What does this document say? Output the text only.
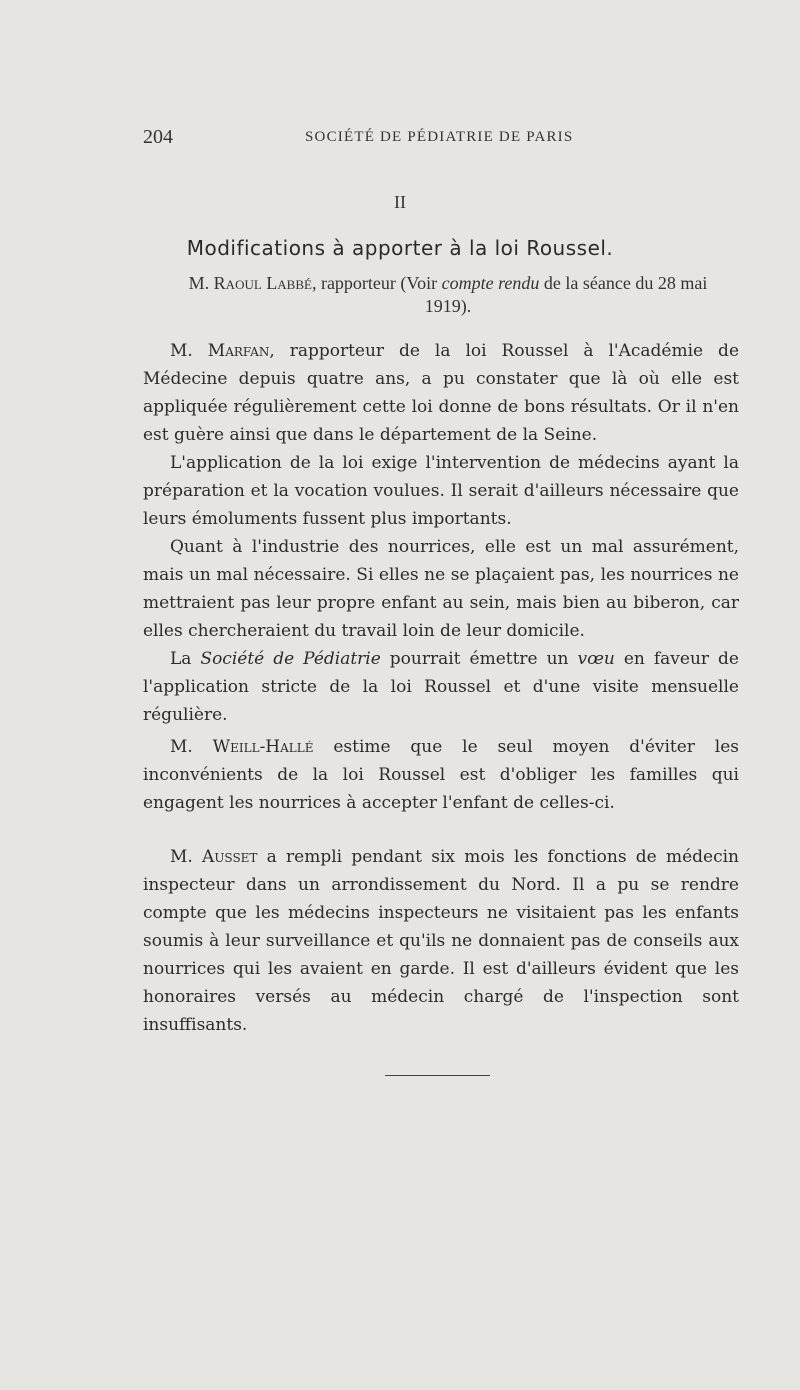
204	SOCIÉTÉ DE PÉDIATRIE DE PARIS
II
Modifications à apporter à la loi Roussel.
M. Raoul Labbé, rapporteur (Voir compte rendu de la séance du 28 mai 1919).

M. Marfan, rapporteur de la loi Roussel à l'Académie de Médecine depuis quatre ans, a pu constater que là où elle est appliquée régulièrement cette loi donne de bons résultats. Or il n'en est guère ainsi que dans le département de la Seine.

L'application de la loi exige l'intervention de médecins ayant la préparation et la vocation voulues. Il serait d'ailleurs nécessaire que leurs émoluments fussent plus importants.

Quant à l'industrie des nourrices, elle est un mal assurément, mais un mal nécessaire. Si elles ne se plaçaient pas, les nourrices ne mettraient pas leur propre enfant au sein, mais bien au biberon, car elles chercheraient du travail loin de leur domicile.

La Société de Pédiatrie pourrait émettre un vœu en faveur de l'application stricte de la loi Roussel et d'une visite mensuelle régulière.

M. Weill-Hallé estime que le seul moyen d'éviter les inconvénients de la loi Roussel est d'obliger les familles qui engagent les nourrices à accepter l'enfant de celles-ci.

M. Ausset a rempli pendant six mois les fonctions de médecin inspecteur dans un arrondissement du Nord. Il a pu se rendre compte que les médecins inspecteurs ne visitaient pas les enfants soumis à leur surveillance et qu'ils ne donnaient pas de conseils aux nourrices qui les avaient en garde. Il est d'ailleurs évident que les honoraires versés au médecin chargé de l'inspection sont insuffisants.
